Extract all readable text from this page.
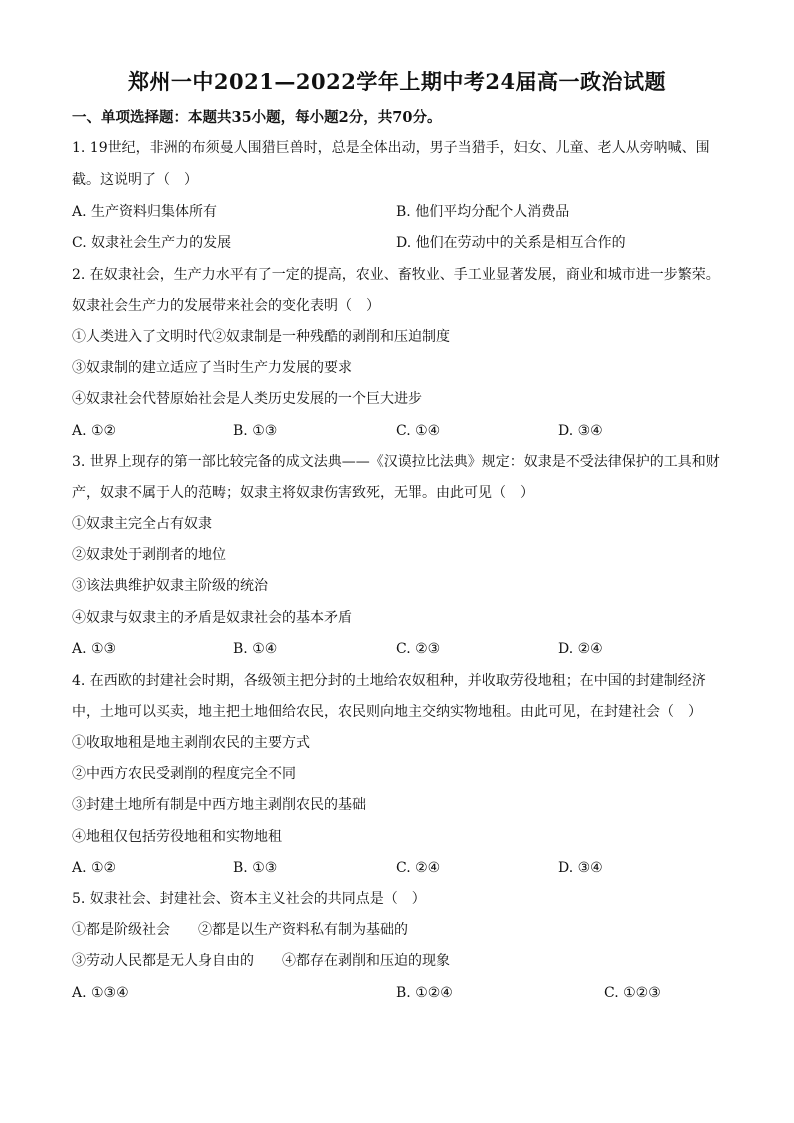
郑州一中2021—2022学年上期中考24届高一政治试题
一、单项选择题：本题共35小题，每小题2分，共70分。
1. 19世纪，非洲的布须曼人围猎巨兽时，总是全体出动，男子当猎手，妇女、儿童、老人从旁呐喊、围
截。这说明了（　）
A. 生产资料归集体所有	B. 他们平均分配个人消费品
C. 奴隶社会生产力的发展	D. 他们在劳动中的关系是相互合作的
2. 在奴隶社会，生产力水平有了一定的提高，农业、畜牧业、手工业显著发展，商业和城市进一步繁荣。
奴隶社会生产力的发展带来社会的变化表明（　）
①人类进入了文明时代②奴隶制是一种残酷的剥削和压迫制度
③奴隶制的建立适应了当时生产力发展的要求
④奴隶社会代替原始社会是人类历史发展的一个巨大进步
A. ①②	B. ①③	C. ①④	D. ③④
3. 世界上现存的第一部比较完备的成文法典——《汉谟拉比法典》规定：奴隶是不受法律保护的工具和财
产，奴隶不属于人的范畴；奴隶主将奴隶伤害致死，无罪。由此可见（　）
①奴隶主完全占有奴隶
②奴隶处于剥削者的地位
③该法典维护奴隶主阶级的统治
④奴隶与奴隶主的矛盾是奴隶社会的基本矛盾
A. ①③	B. ①④	C. ②③	D. ②④
4. 在西欧的封建社会时期，各级领主把分封的土地给农奴租种，并收取劳役地租；在中国的封建制经济
中，土地可以买卖，地主把土地佃给农民，农民则向地主交纳实物地租。由此可见，在封建社会（　）
①收取地租是地主剥削农民的主要方式
②中西方农民受剥削的程度完全不同
③封建土地所有制是中西方地主剥削农民的基础
④地租仅包括劳役地租和实物地租
A. ①②	B. ①③	C. ②④	D. ③④
5. 奴隶社会、封建社会、资本主义社会的共同点是（　）
①都是阶级社会　　②都是以生产资料私有制为基础的
③劳动人民都是无人身自由的　　④都存在剥削和压迫的现象
A. ①③④	B. ①②④	C. ①②③
